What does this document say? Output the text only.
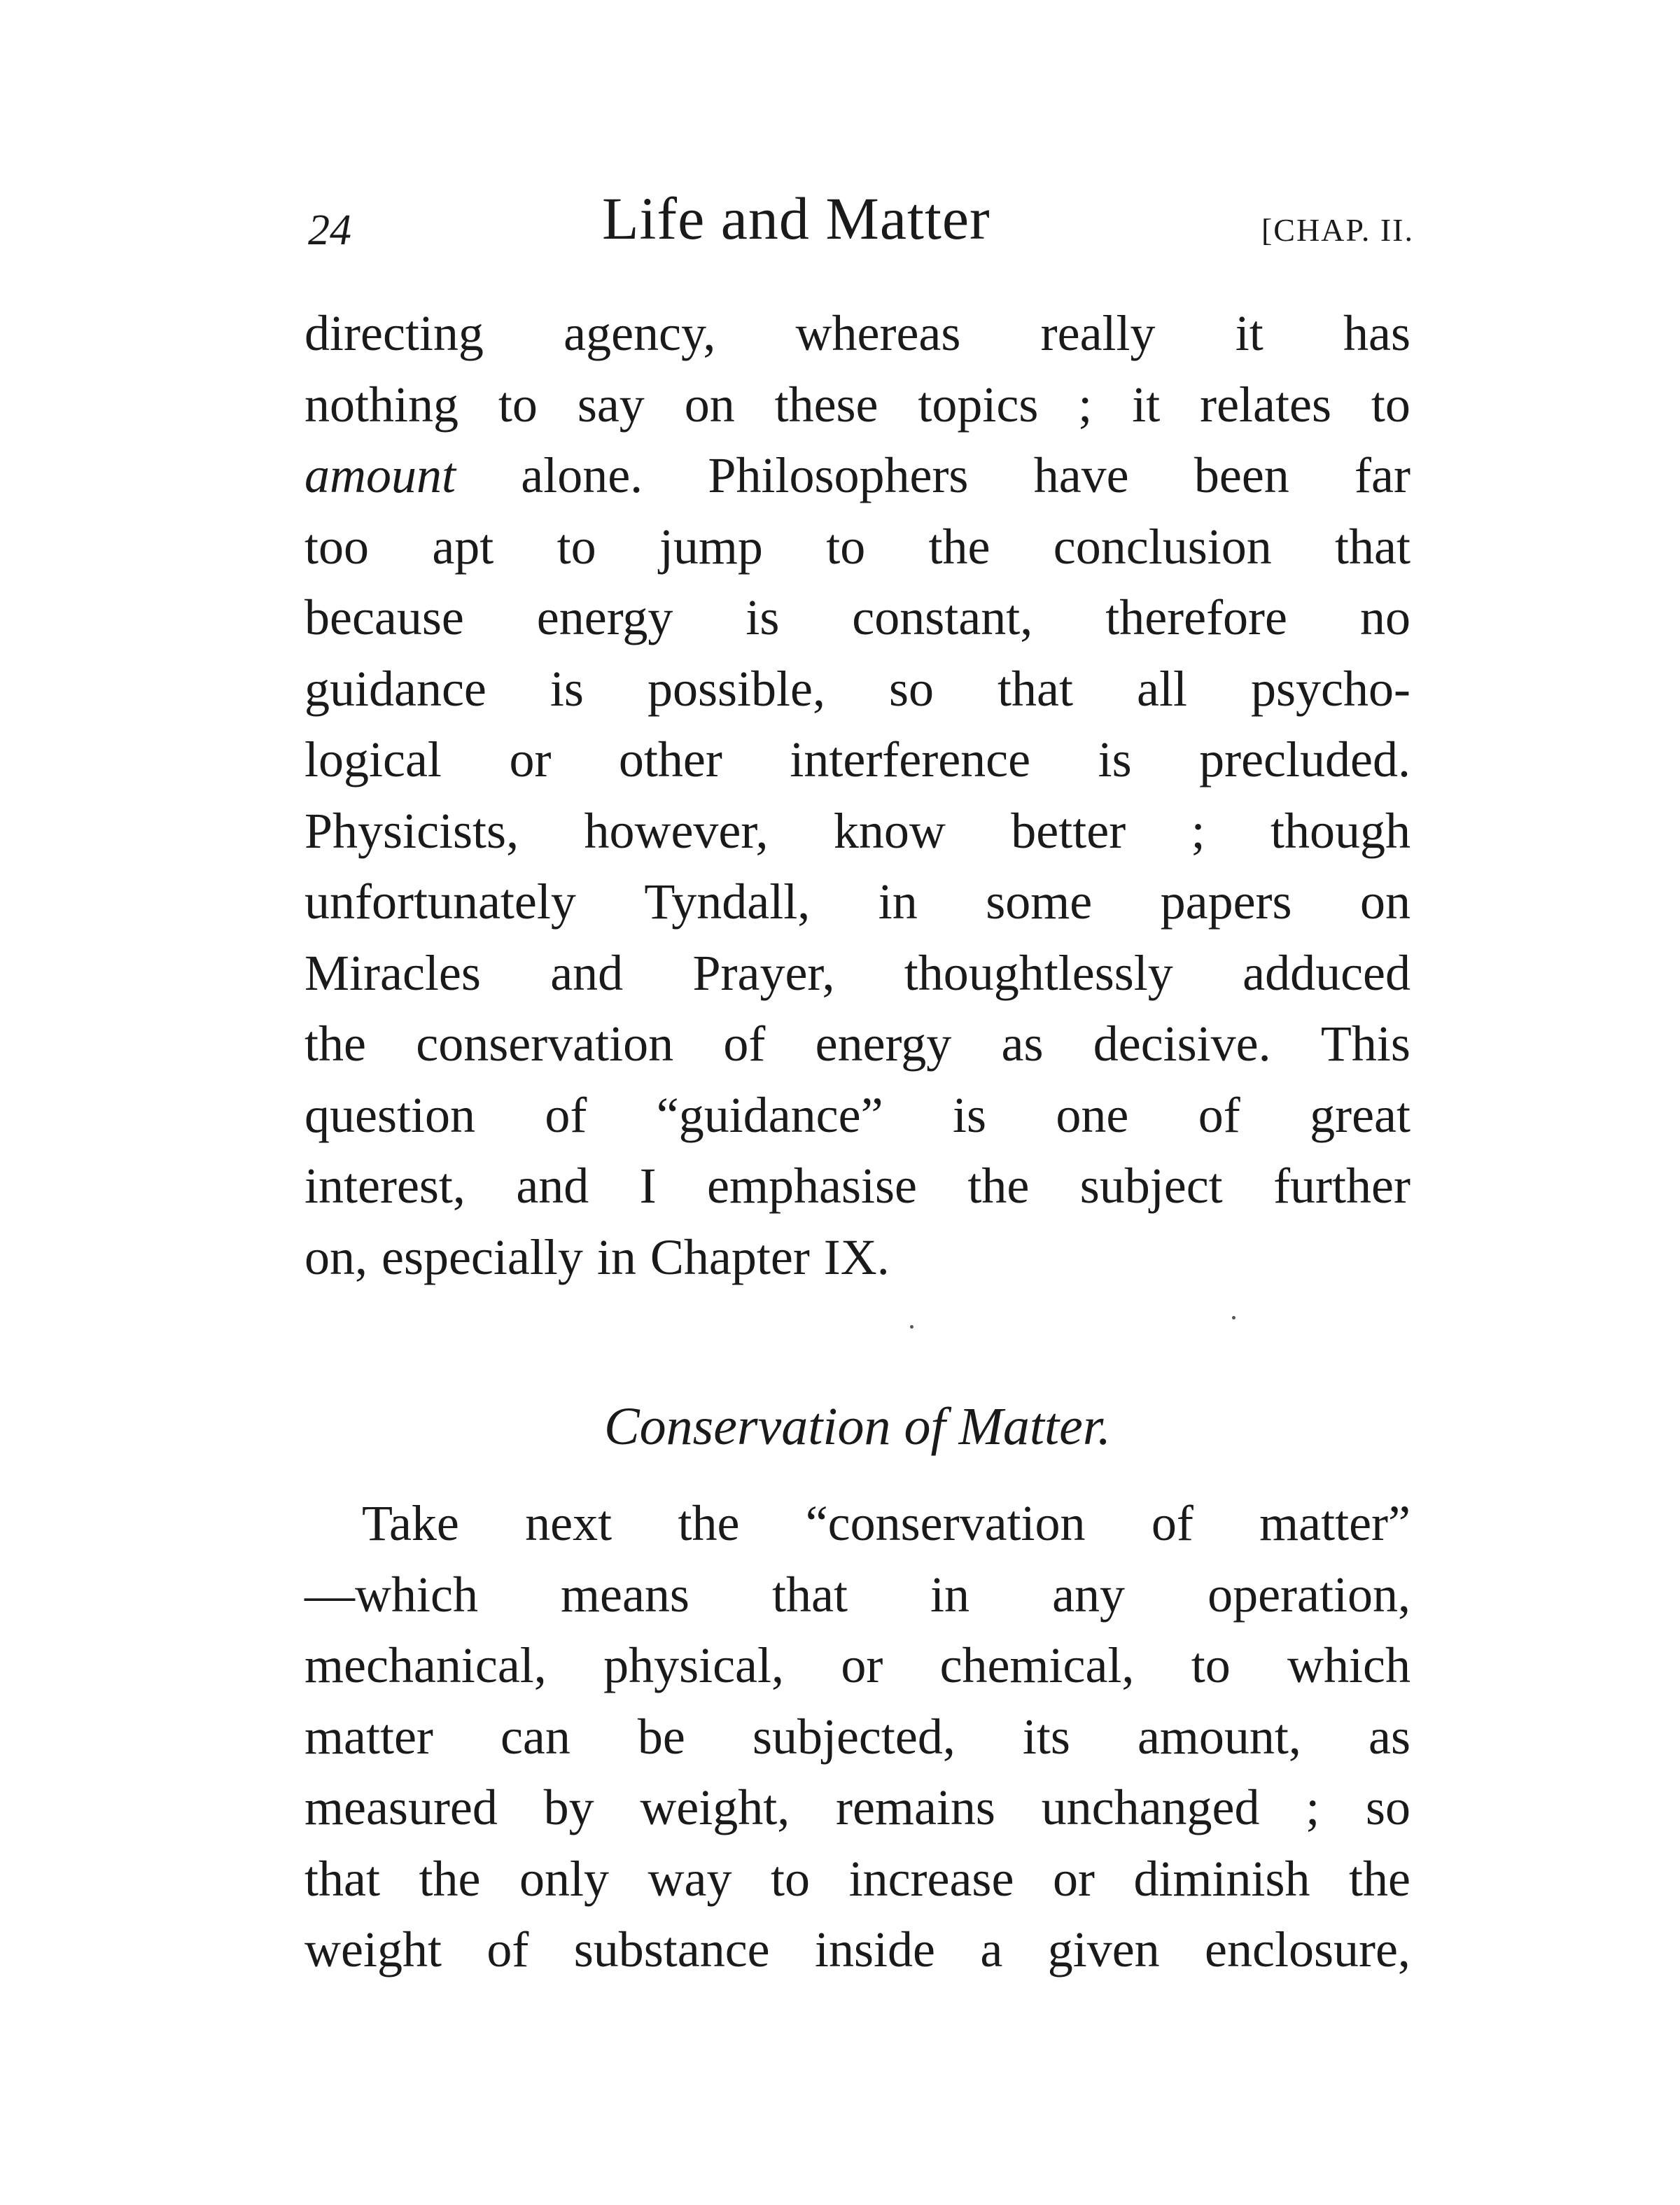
24	Life and Matter	[CHAP. II.
directing agency, whereas really it has
nothing to say on these topics ; it relates to
amount alone. Philosophers have been far
too apt to jump to the conclusion that
because energy is constant, therefore no
guidance is possible, so that all psycho-
logical or other interference is precluded.
Physicists, however, know better ; though
unfortunately Tyndall, in some papers on
Miracles and Prayer, thoughtlessly adduced
the conservation of energy as decisive. This
question of “guidance” is one of great
interest, and I emphasise the subject further
on, especially in Chapter IX.
Conservation of Matter.
Take next the “conservation of matter”
—which means that in any operation,
mechanical, physical, or chemical, to which
matter can be subjected, its amount, as
measured by weight, remains unchanged ; so
that the only way to increase or diminish the
weight of substance inside a given enclosure,
